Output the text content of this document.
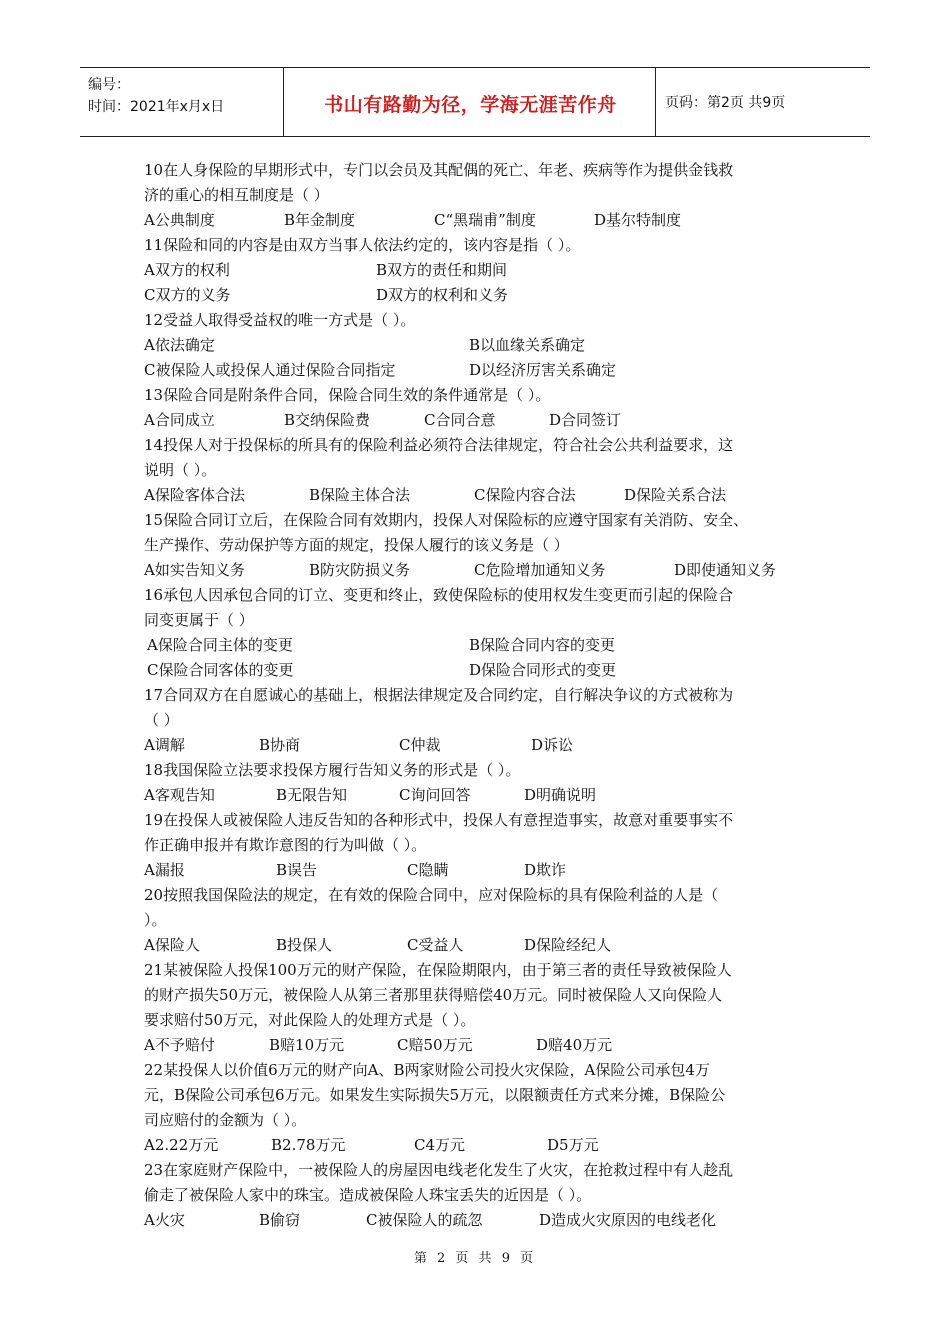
编号：
时间：2021年x月x日	书山有路勤为径，学海无涯苦作舟	页码：第2页 共9页
10在人身保险的早期形式中，专门以会员及其配偶的死亡、年老、疾病等作为提供金钱救
济的重心的相互制度是（ ）
A公典制度	B年金制度	C“黑瑞甫”制度	D基尔特制度
11保险和同的内容是由双方当事人依法约定的，该内容是指（ ）。
A双方的权利	B双方的责任和期间
C双方的义务	D双方的权利和义务
12受益人取得受益权的唯一方式是（ ）。
A依法确定	B以血缘关系确定
C被保险人或投保人通过保险合同指定	D以经济厉害关系确定
13保险合同是附条件合同，保险合同生效的条件通常是（ ）。
A合同成立	B交纳保险费	C合同合意	D合同签订
14投保人对于投保标的所具有的保险利益必须符合法律规定，符合社会公共利益要求，这
说明（ ）。
A保险客体合法	B保险主体合法	C保险内容合法	D保险关系合法
15保险合同订立后，在保险合同有效期内，投保人对保险标的应遵守国家有关消防、安全、
生产操作、劳动保护等方面的规定，投保人履行的该义务是（ ）
A如实告知义务	B防灾防损义务	C危险增加通知义务	D即使通知义务
16承包人因承包合同的订立、变更和终止，致使保险标的使用权发生变更而引起的保险合
同变更属于（ ）
A保险合同主体的变更	B保险合同内容的变更
C保险合同客体的变更	D保险合同形式的变更
17合同双方在自愿诚心的基础上，根据法律规定及合同约定，自行解决争议的方式被称为
（ ）
A调解	B协商	C仲裁	D诉讼
18我国保险立法要求投保方履行告知义务的形式是（ ）。
A客观告知	B无限告知	C询问回答	D明确说明
19在投保人或被保险人违反告知的各种形式中，投保人有意捏造事实，故意对重要事实不
作正确申报并有欺诈意图的行为叫做（ ）。
A漏报	B误告	C隐瞒	D欺诈
20按照我国保险法的规定，在有效的保险合同中，应对保险标的具有保险利益的人是（
）。
A保险人	B投保人	C受益人	D保险经纪人
21某被保险人投保100万元的财产保险，在保险期限内，由于第三者的责任导致被保险人
的财产损失50万元，被保险人从第三者那里获得赔偿40万元。同时被保险人又向保险人
要求赔付50万元，对此保险人的处理方式是（ ）。
A不予赔付	B赔10万元	C赔50万元	D赔40万元
22某投保人以价值6万元的财产向A、B两家财险公司投火灾保险，A保险公司承包4万
元，B保险公司承包6万元。如果发生实际损失5万元，以限额责任方式来分摊，B保险公
司应赔付的金额为（ ）。
A2.22万元	B2.78万元	C4万元	D5万元
23在家庭财产保险中，一被保险人的房屋因电线老化发生了火灾，在抢救过程中有人趁乱
偷走了被保险人家中的珠宝。造成被保险人珠宝丢失的近因是（ ）。
A火灾	B偷窃	C被保险人的疏忽	D造成火灾原因的电线老化
第 2 页 共 9 页
